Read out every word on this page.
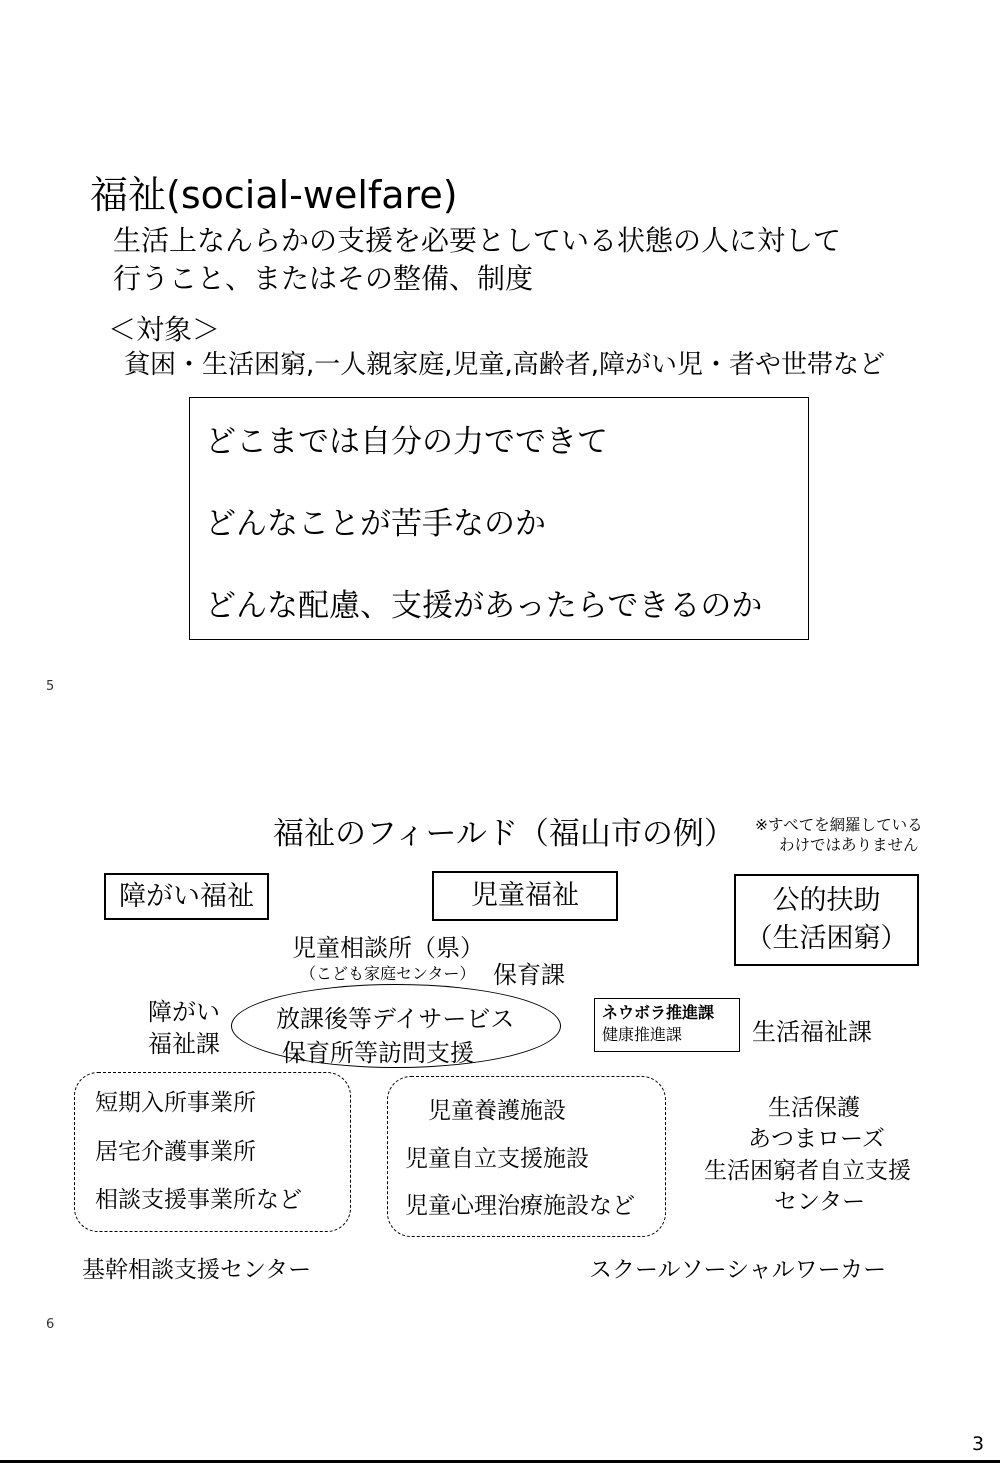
福祉(social-welfare)
生活上なんらかの支援を必要としている状態の人に対して
行うこと、またはその整備、制度
＜対象＞
貧困・生活困窮,一人親家庭,児童,高齢者,障がい児・者や世帯など
どこまでは自分の力でできて
どんなことが苦手なのか
どんな配慮、支援があったらできるのか
5
福祉のフィールド（福山市の例） ※すべてを網羅している
わけではありません
障がい福祉	児童福祉	公的扶助
（生活困窮）
児童相談所（県）
（こども家庭センター） 保育課
障がい
福祉課
放課後等デイサービス
保育所等訪問支援
ネウボラ推進課
健康推進課	生活福祉課
短期入所事業所
居宅介護事業所
相談支援事業所など
児童養護施設
児童自立支援施設
児童心理治療施設など
生活保護
あつまローズ
生活困窮者自立支援
センター
基幹相談支援センター	スクールソーシャルワーカー
6
3
